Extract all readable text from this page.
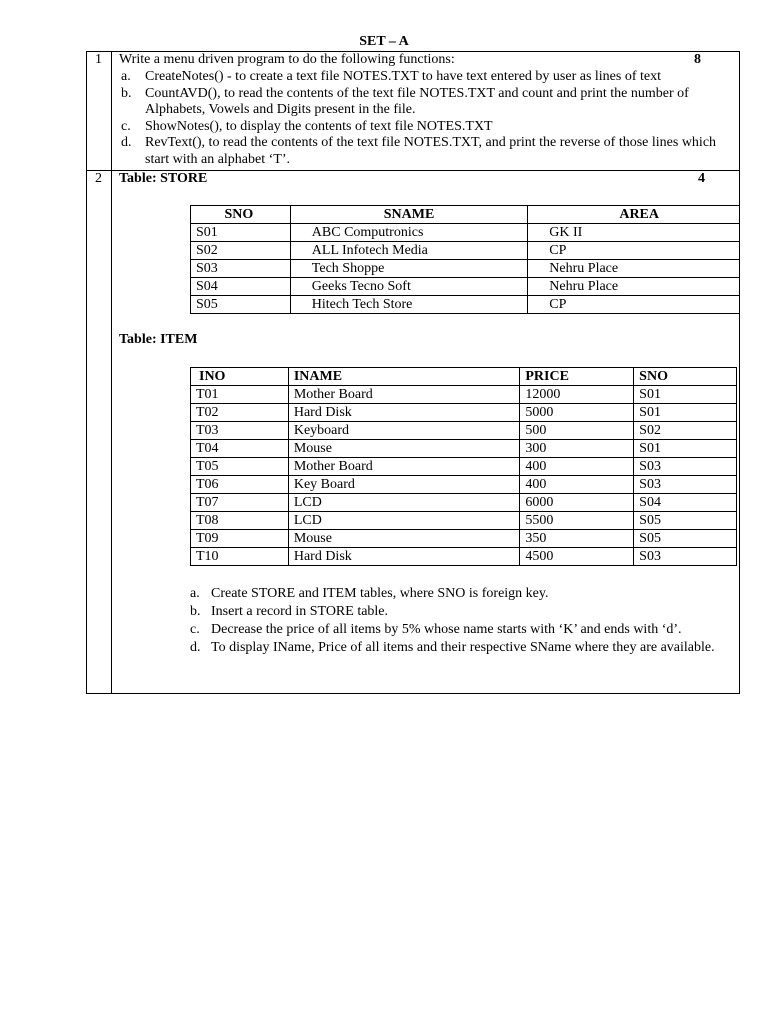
SET – A
1	Write a menu driven program to do the following functions:	8
a. CreateNotes() - to create a text file NOTES.TXT to have text entered by user as lines of text
b. CountAVD(), to read the contents of the text file NOTES.TXT and count and print the number of Alphabets, Vowels and Digits present in the file.
c. ShowNotes(), to display the contents of text file NOTES.TXT
d. RevText(), to read the contents of the text file NOTES.TXT, and print the reverse of those lines which start with an alphabet ‘T’.
2	Table: STORE	4
SNO	SNAME	AREA
S01	ABC Computronics	GK II
S02	ALL Infotech Media	CP
S03	Tech Shoppe	Nehru Place
S04	Geeks Tecno Soft	Nehru Place
S05	Hitech Tech Store	CP
Table: ITEM
INO	INAME	PRICE	SNO
T01	Mother Board	12000	S01
T02	Hard Disk	5000	S01
T03	Keyboard	500	S02
T04	Mouse	300	S01
T05	Mother Board	400	S03
T06	Key Board	400	S03
T07	LCD	6000	S04
T08	LCD	5500	S05
T09	Mouse	350	S05
T10	Hard Disk	4500	S03
a. Create STORE and ITEM tables, where SNO is foreign key.
b. Insert a record in STORE table.
c. Decrease the price of all items by 5% whose name starts with ‘K’ and ends with ‘d’.
d. To display IName, Price of all items and their respective SName where they are available.
